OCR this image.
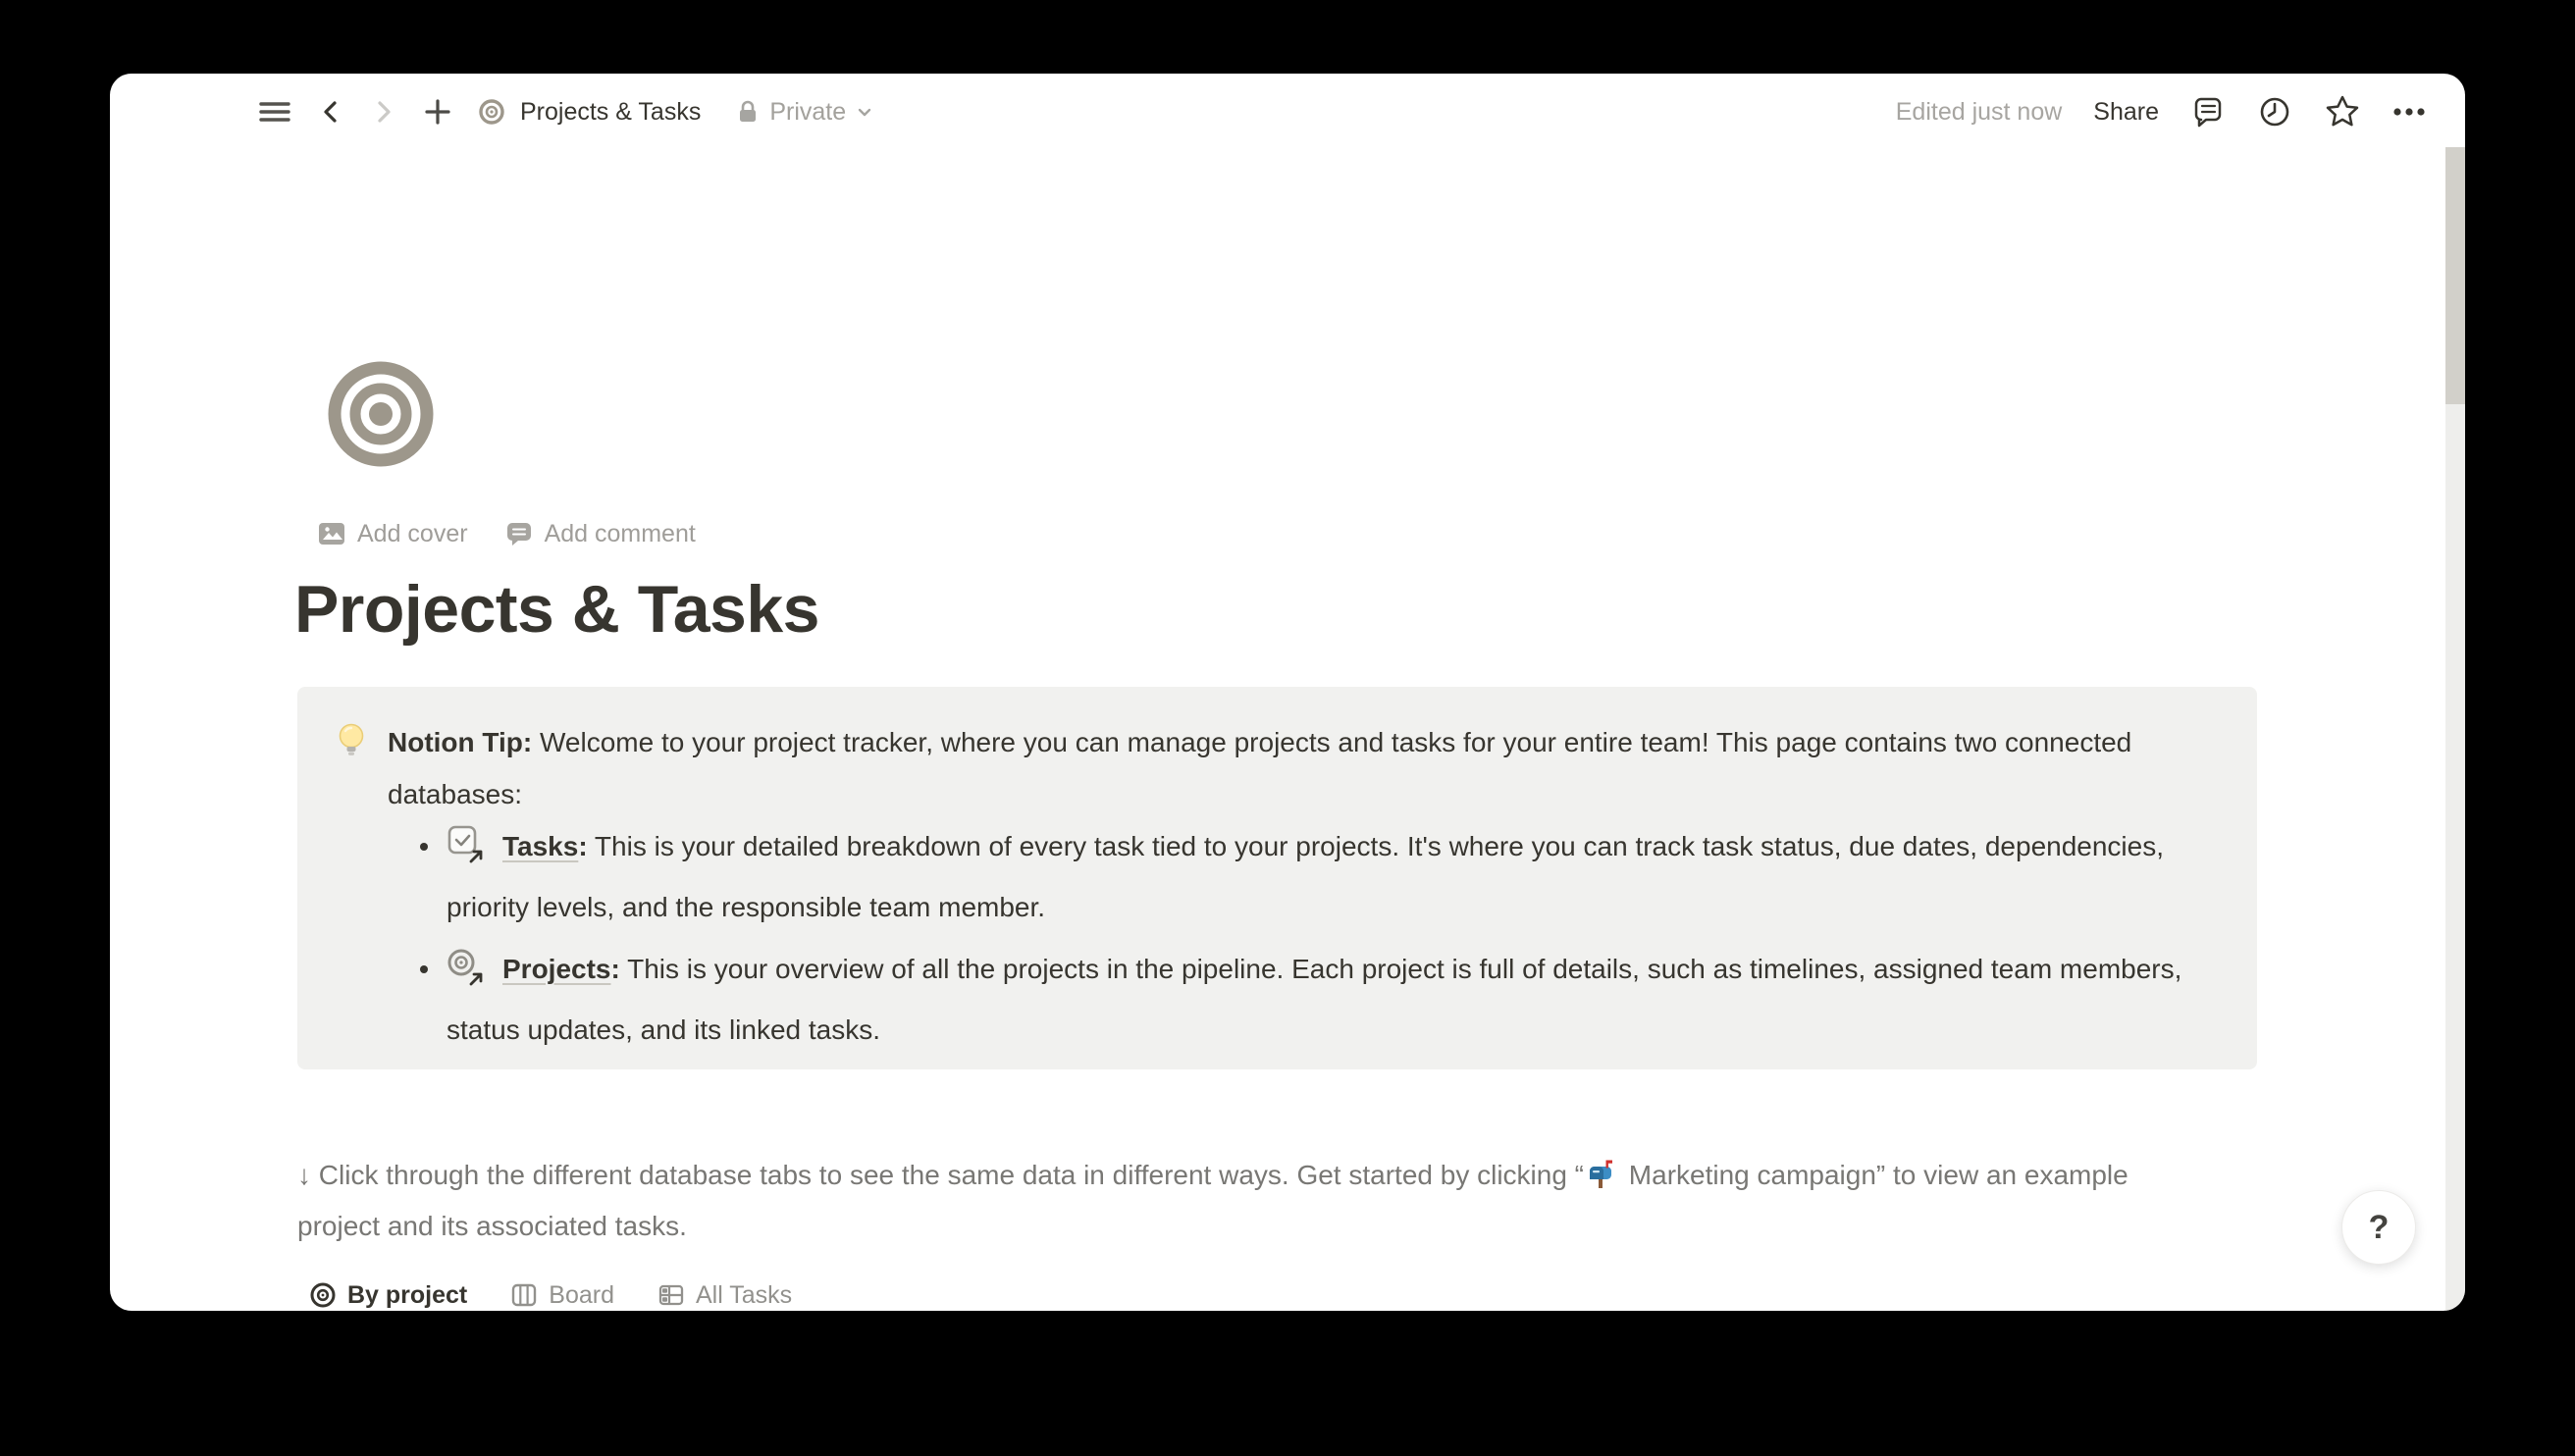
Projects & Tasks	Private	Edited just now Share
Add cover	Add comment
Projects & Tasks
Notion Tip: Welcome to your project tracker, where you can manage projects and tasks for your entire team! This page contains two connected databases:
Tasks: This is your detailed breakdown of every task tied to your projects. It's where you can track task status, due dates, dependencies, priority levels, and the responsible team member.
Projects: This is your overview of all the projects in the pipeline. Each project is full of details, such as timelines, assigned team members, status updates, and its linked tasks.
↓ Click through the different database tabs to see the same data in different ways. Get started by clicking “ Marketing campaign” to view an example project and its associated tasks.
By project	Board	All Tasks
?
